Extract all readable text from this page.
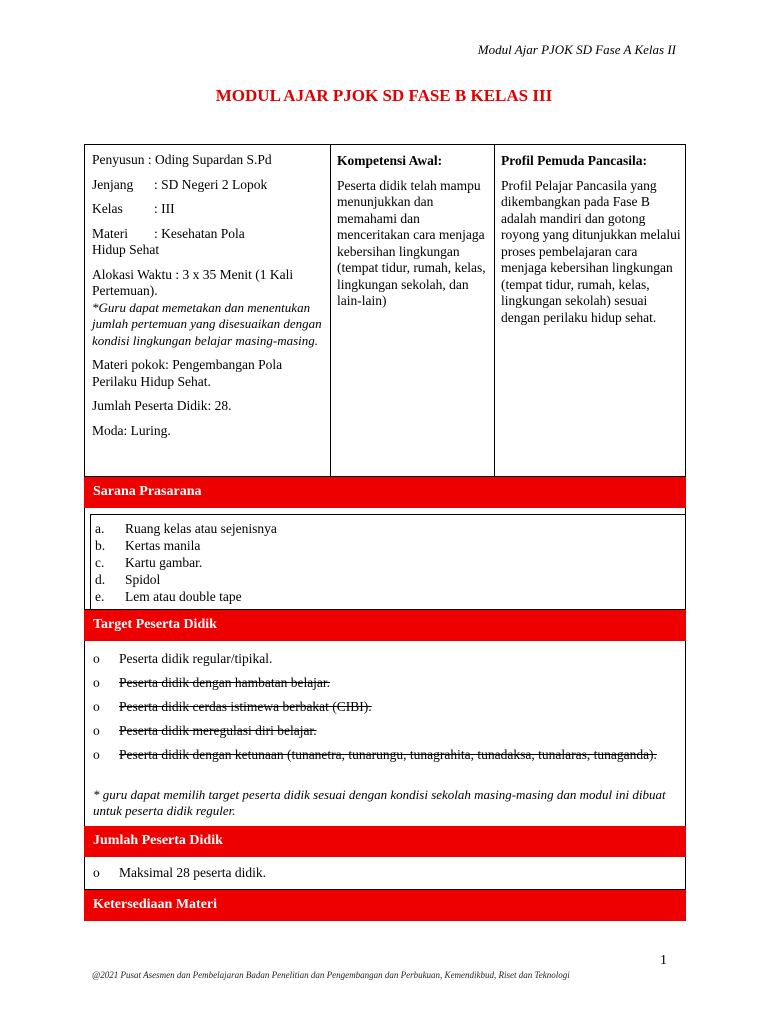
Modul Ajar PJOK SD Fase A Kelas II
MODUL AJAR PJOK SD FASE B KELAS III

Penyusun : Oding Supardan S.Pd

Jenjang	: SD Negeri 2 Lopok
Kelas	: III
Materi	: Kesehatan Pola

Hidup Sehat

Alokasi Waktu : 3 x 35 Menit (1 Kali Pertemuan).

*Guru dapat memetakan dan menentukan jumlah pertemuan yang disesuaikan dengan kondisi lingkungan belajar masing-masing.

Materi pokok: Pengembangan Pola Perilaku Hidup Sehat.

Jumlah Peserta Didik: 28.

Moda: Luring.

Kompetensi Awal:
Peserta didik telah mampu menunjukkan dan memahami dan menceritakan cara menjaga kebersihan lingkungan (tempat tidur, rumah, kelas, lingkungan sekolah, dan lain-lain)
Profil Pemuda Pancasila:
Profil Pelajar Pancasila yang dikembangkan pada Fase B adalah mandiri dan gotong royong yang ditunjukkan melalui proses pembelajaran cara menjaga kebersihan lingkungan (tempat tidur, rumah, kelas, lingkungan sekolah) sesuai dengan perilaku hidup sehat.
Sarana Prasarana
a.	Ruang kelas atau sejenisnya
b.	Kertas manila
c.	Kartu gambar.
d.	Spidol
e.	Lem atau double tape
Target Peserta Didik
o	Peserta didik regular/tipikal.
o	Peserta didik dengan hambatan belajar.
o	Peserta didik cerdas istimewa berbakat (CIBI).
o	Peserta didik meregulasi diri belajar.
o	Peserta didik dengan ketunaan (tunanetra, tunarungu, tunagrahita, tunadaksa, tunalaras, tunaganda).
* guru dapat memilih target peserta didik sesuai dengan kondisi sekolah masing-masing dan modul ini dibuat untuk peserta didik reguler.
Jumlah Peserta Didik
o	Maksimal 28 peserta didik.
Ketersediaan Materi
1
@2021 Pusat Asesmen dan Pembelajaran Badan Penelitian dan Pengembangan dan Perbukuan, Kemendikbud, Riset dan Teknologi
